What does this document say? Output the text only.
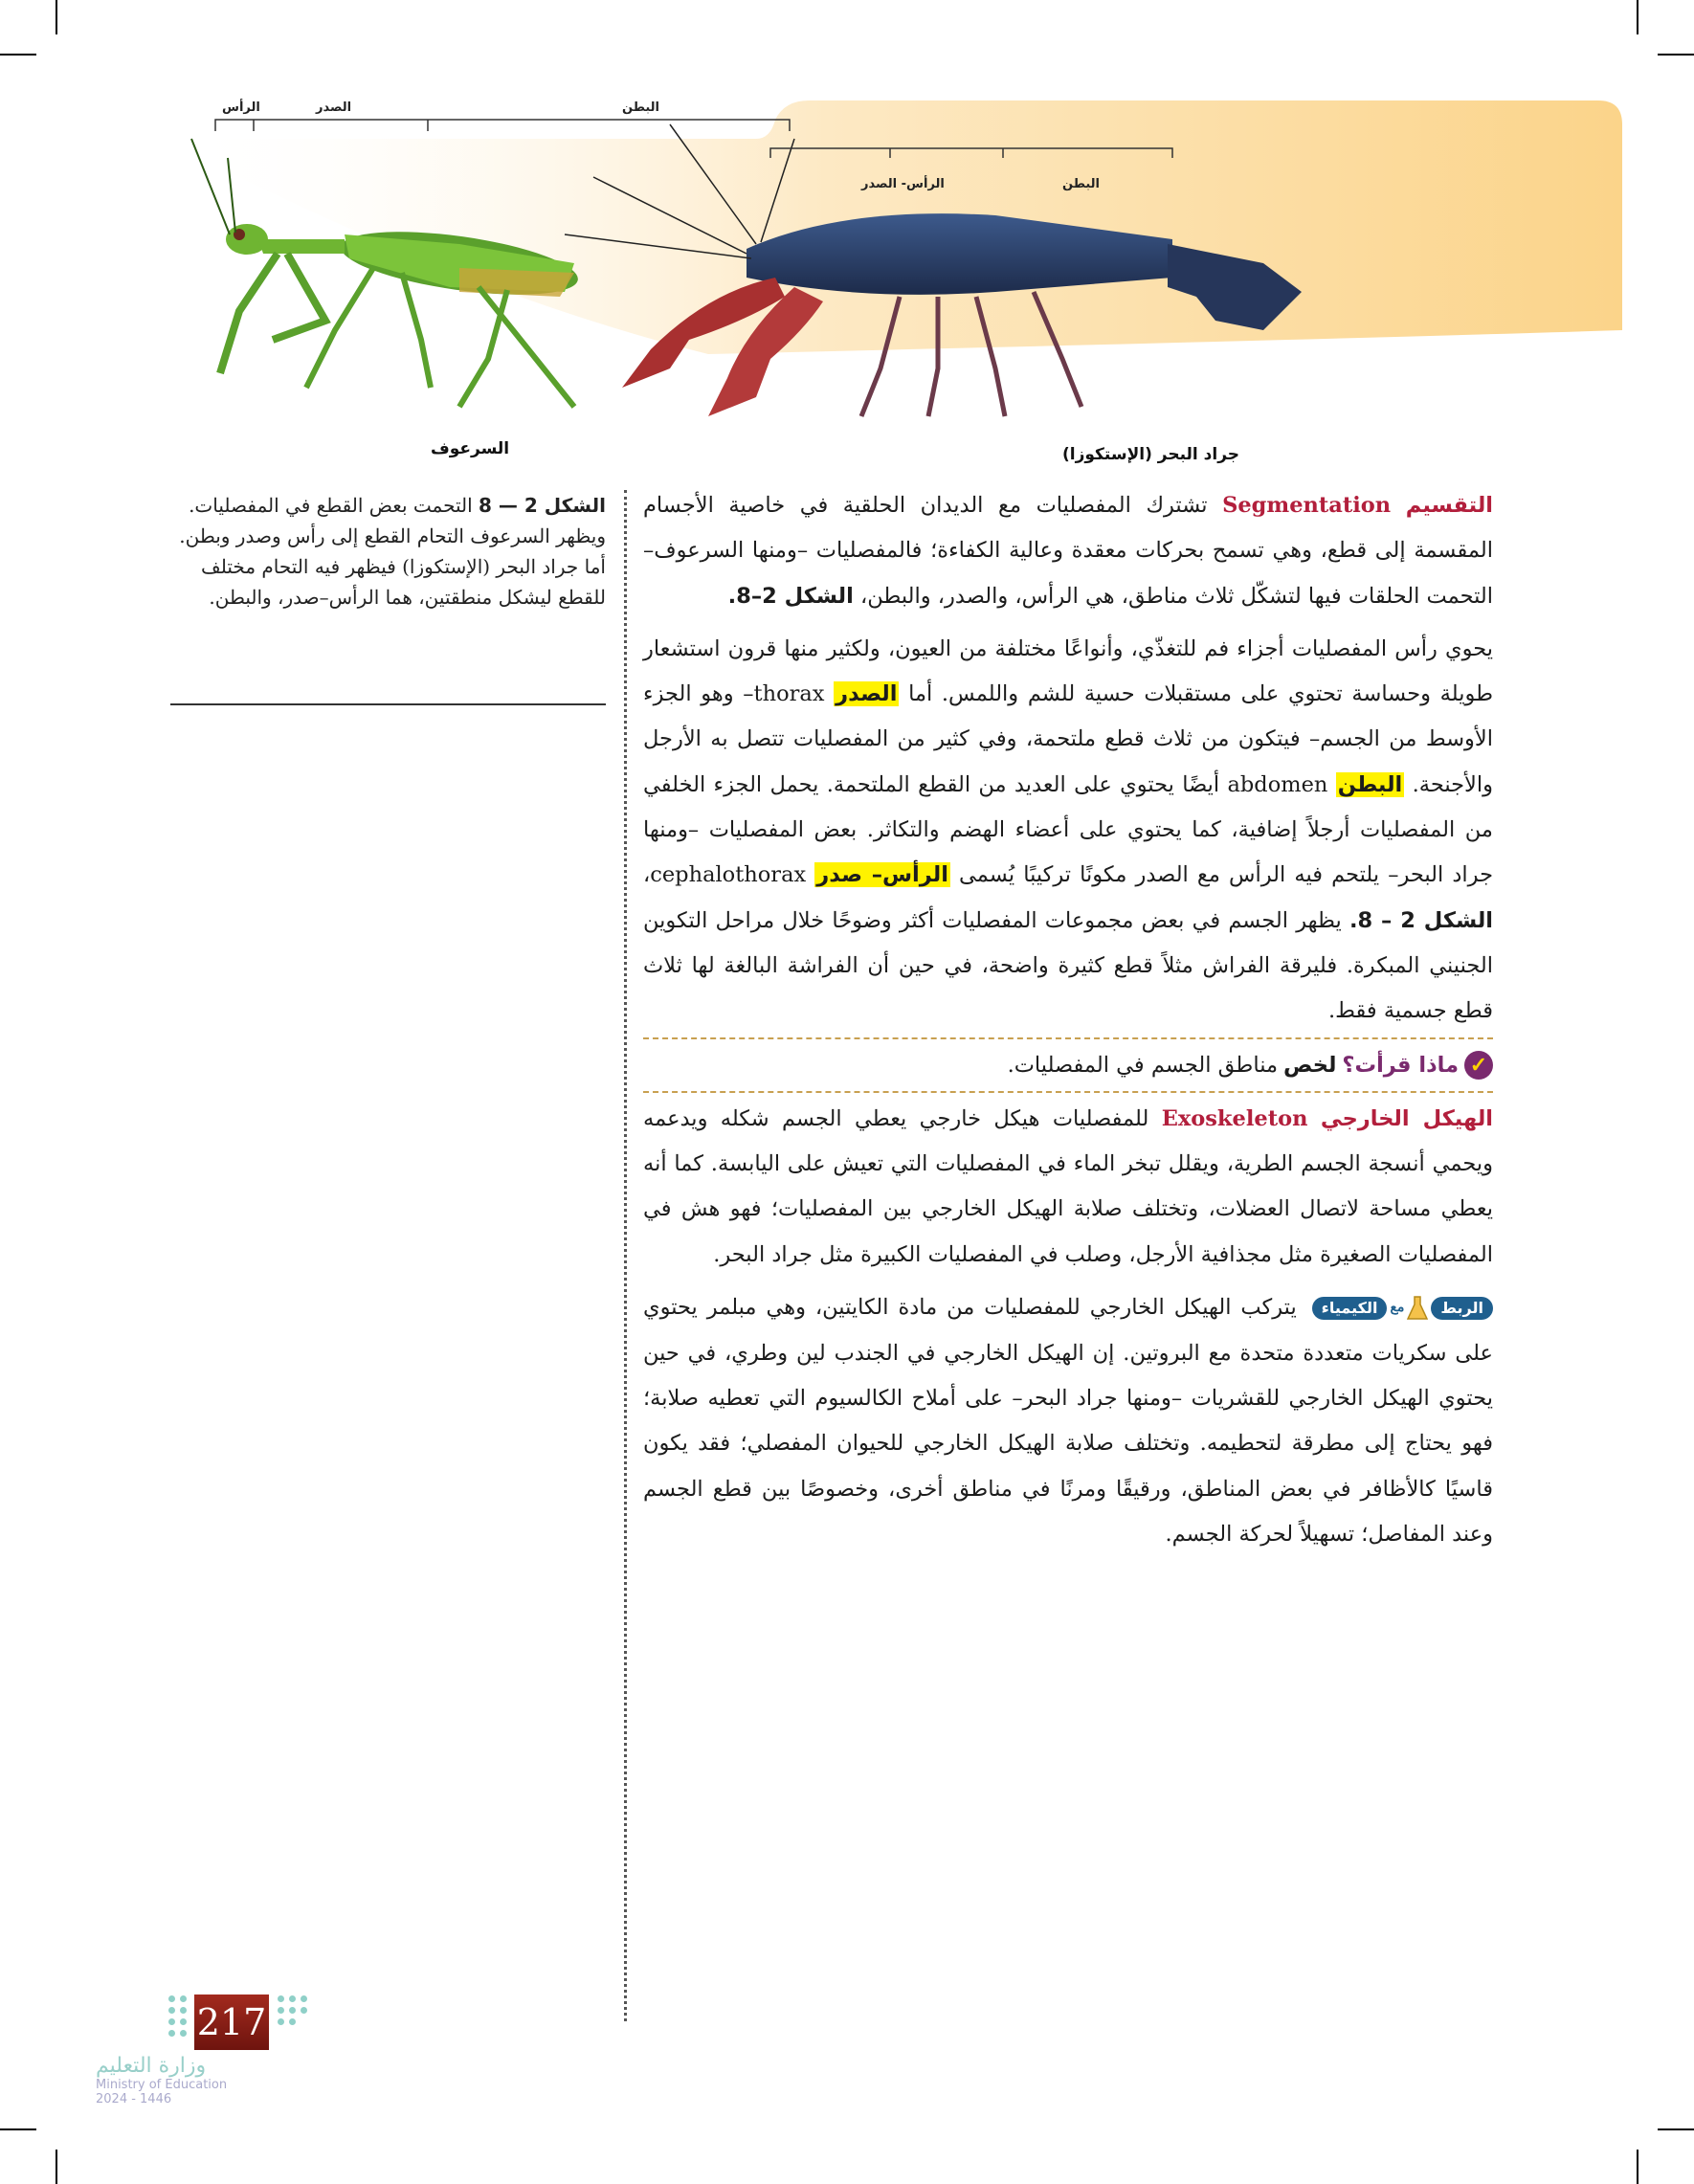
الرأس	الصدر	البطن
الرأس- الصدر	البطن
السرعوف	جراد البحر (الإستكوزا)
الشكل 2 — 8 التحمت بعض القطع في المفصليات. ويظهر السرعوف التحام القطع إلى رأس وصدر وبطن. أما جراد البحر (الإستكوزا) فيظهر فيه التحام مختلف للقطع ليشكل منطقتين، هما الرأس–صدر، والبطن.

التقسيم Segmentation تشترك المفصليات مع الديدان الحلقية في خاصية الأجسام المقسمة إلى قطع، وهي تسمح بحركات معقدة وعالية الكفاءة؛ فالمفصليات –ومنها السرعوف– التحمت الحلقات فيها لتشكّل ثلاث مناطق، هي الرأس، والصدر، والبطن، الشكل 2–8.

يحوي رأس المفصليات أجزاء فم للتغذّي، وأنواعًا مختلفة من العيون، ولكثير منها قرون استشعار طويلة وحساسة تحتوي على مستقبلات حسية للشم واللمس. أما الصدر thorax– وهو الجزء الأوسط من الجسم– فيتكون من ثلاث قطع ملتحمة، وفي كثير من المفصليات تتصل به الأرجل والأجنحة. البطن abdomen أيضًا يحتوي على العديد من القطع الملتحمة. يحمل الجزء الخلفي من المفصليات أرجلاً إضافية، كما يحتوي على أعضاء الهضم والتكاثر. بعض المفصليات –ومنها جراد البحر– يلتحم فيه الرأس مع الصدر مكونًا تركيبًا يُسمى الرأس– صدر cephalothorax، الشكل 2 – 8. يظهر الجسم في بعض مجموعات المفصليات أكثر وضوحًا خلال مراحل التكوين الجنيني المبكرة. فليرقة الفراش مثلاً قطع كثيرة واضحة، في حين أن الفراشة البالغة لها ثلاث قطع جسمية فقط.

✓
ماذا قرأت؟
لخص
مناطق الجسم في المفصليات.

الهيكل الخارجي Exoskeleton للمفصليات هيكل خارجي يعطي الجسم شكله ويدعمه ويحمي أنسجة الجسم الطرية، ويقلل تبخر الماء في المفصليات التي تعيش على اليابسة. كما أنه يعطي مساحة لاتصال العضلات، وتختلف صلابة الهيكل الخارجي بين المفصليات؛ فهو هش في المفصليات الصغيرة مثل مجذافية الأرجل، وصلب في المفصليات الكبيرة مثل جراد البحر.

الربط
مع
الكيمياء
يتركب الهيكل الخارجي للمفصليات من مادة الكايتين، وهي مبلمر يحتوي على سكريات متعددة متحدة مع البروتين. إن الهيكل الخارجي في الجندب لين وطري، في حين يحتوي الهيكل الخارجي للقشريات –ومنها جراد البحر– على أملاح الكالسيوم التي تعطيه صلابة؛ فهو يحتاج إلى مطرقة لتحطيمه. وتختلف صلابة الهيكل الخارجي للحيوان المفصلي؛ فقد يكون قاسيًا كالأظافر في بعض المناطق، ورقيقًا ومرنًا في مناطق أخرى، وخصوصًا بين قطع الجسم وعند المفاصل؛ تسهيلاً لحركة الجسم.

217
وزارة التعليم
Ministry of Education
2024 - 1446
